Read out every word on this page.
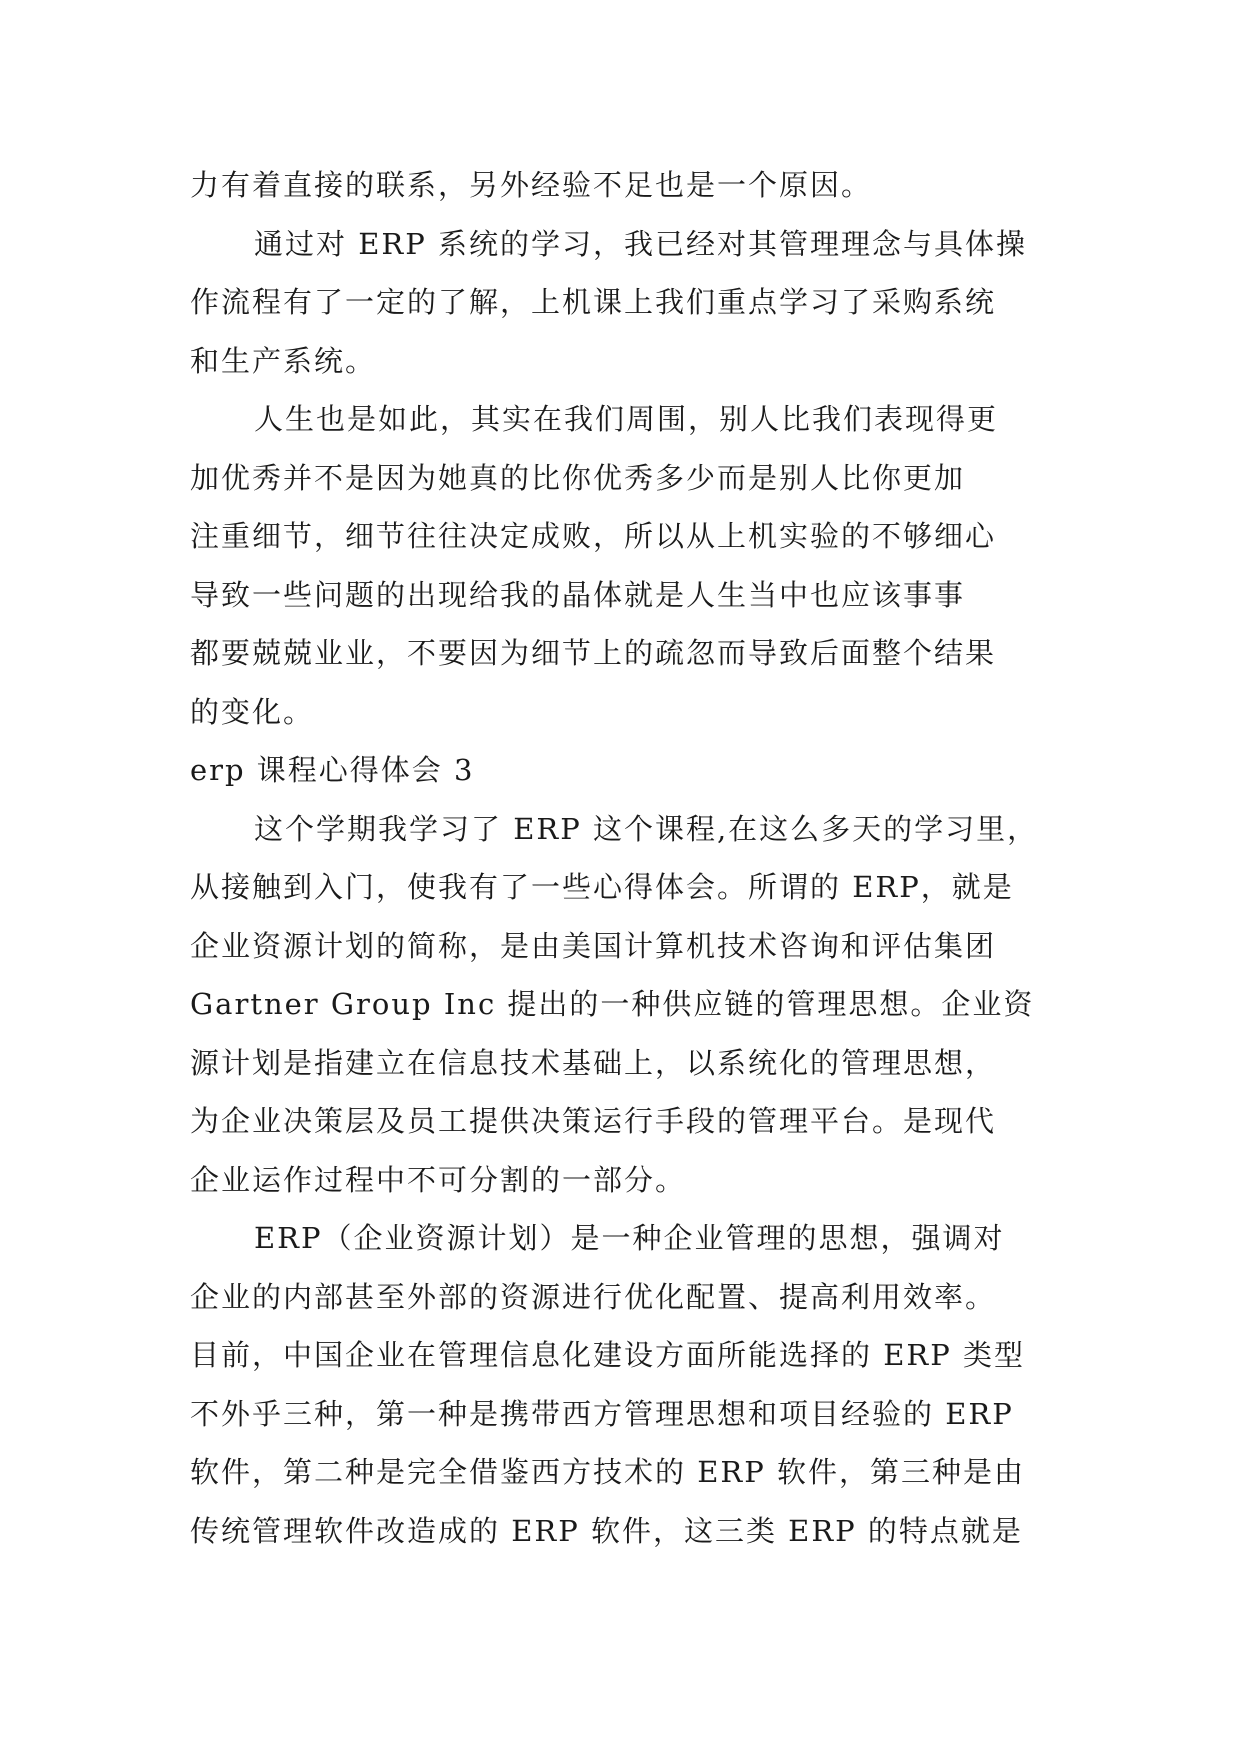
力有着直接的联系，另外经验不足也是一个原因。
通过对 ERP 系统的学习，我已经对其管理理念与具体操
作流程有了一定的了解，上机课上我们重点学习了采购系统
和生产系统。
人生也是如此，其实在我们周围，别人比我们表现得更
加优秀并不是因为她真的比你优秀多少而是别人比你更加
注重细节，细节往往决定成败，所以从上机实验的不够细心
导致一些问题的出现给我的晶体就是人生当中也应该事事
都要兢兢业业，不要因为细节上的疏忽而导致后面整个结果
的变化。
erp 课程心得体会 3
这个学期我学习了 ERP 这个课程,在这么多天的学习里，
从接触到入门，使我有了一些心得体会。所谓的 ERP，就是
企业资源计划的简称，是由美国计算机技术咨询和评估集团
Gartner Group Inc 提出的一种供应链的管理思想。企业资
源计划是指建立在信息技术基础上，以系统化的管理思想，
为企业决策层及员工提供决策运行手段的管理平台。是现代
企业运作过程中不可分割的一部分。
ERP（企业资源计划）是一种企业管理的思想，强调对
企业的内部甚至外部的资源进行优化配置、提高利用效率。
目前，中国企业在管理信息化建设方面所能选择的 ERP 类型
不外乎三种，第一种是携带西方管理思想和项目经验的 ERP
软件，第二种是完全借鉴西方技术的 ERP 软件，第三种是由
传统管理软件改造成的 ERP 软件，这三类 ERP 的特点就是
